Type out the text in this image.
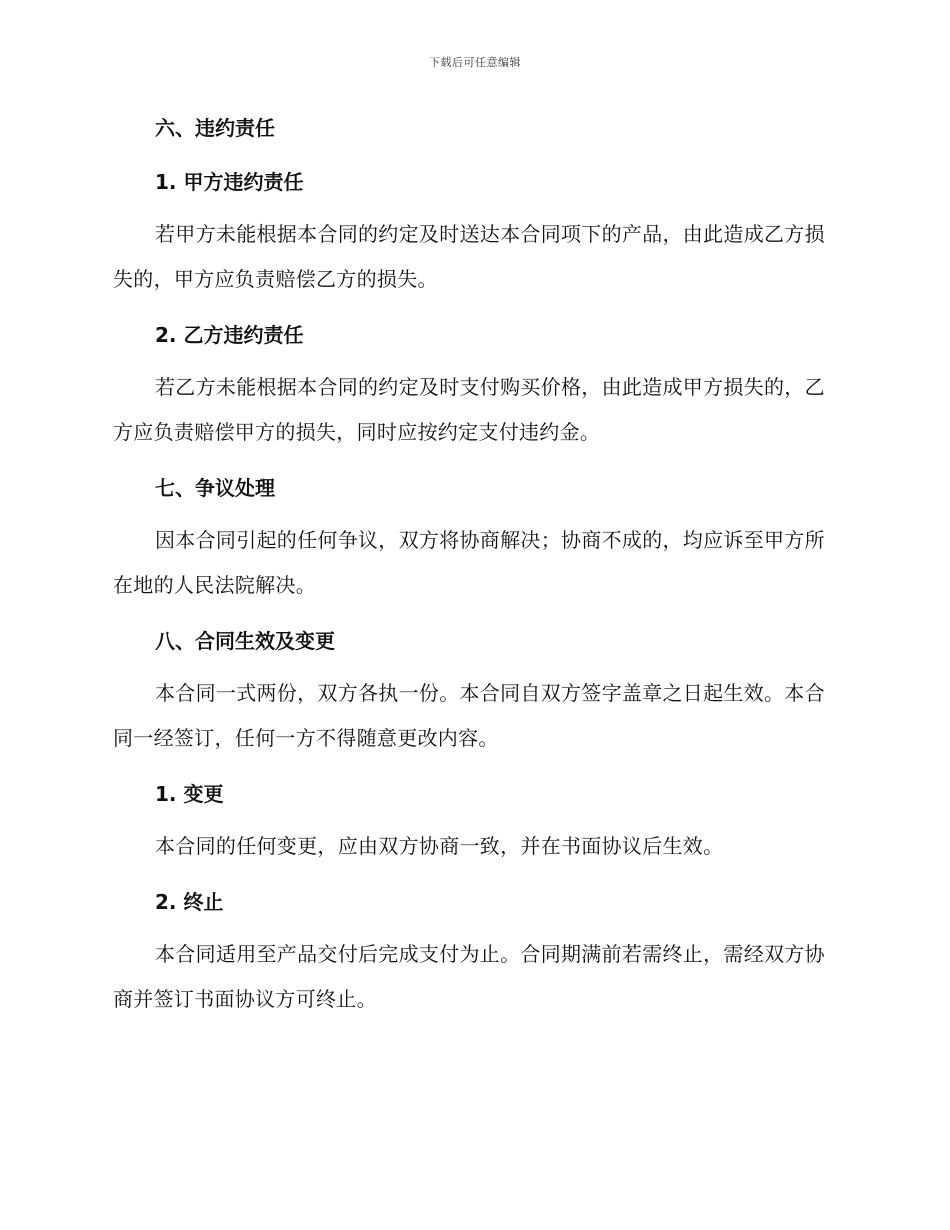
下载后可任意编辑
六、违约责任
1. 甲方违约责任
若甲方未能根据本合同的约定及时送达本合同项下的产品，由此造成乙方损失的，甲方应负责赔偿乙方的损失。
2. 乙方违约责任
若乙方未能根据本合同的约定及时支付购买价格，由此造成甲方损失的，乙方应负责赔偿甲方的损失，同时应按约定支付违约金。
七、争议处理
因本合同引起的任何争议，双方将协商解决；协商不成的，均应诉至甲方所在地的人民法院解决。
八、合同生效及变更
本合同一式两份，双方各执一份。本合同自双方签字盖章之日起生效。本合同一经签订，任何一方不得随意更改内容。
1. 变更
本合同的任何变更，应由双方协商一致，并在书面协议后生效。
2. 终止
本合同适用至产品交付后完成支付为止。合同期满前若需终止，需经双方协商并签订书面协议方可终止。
